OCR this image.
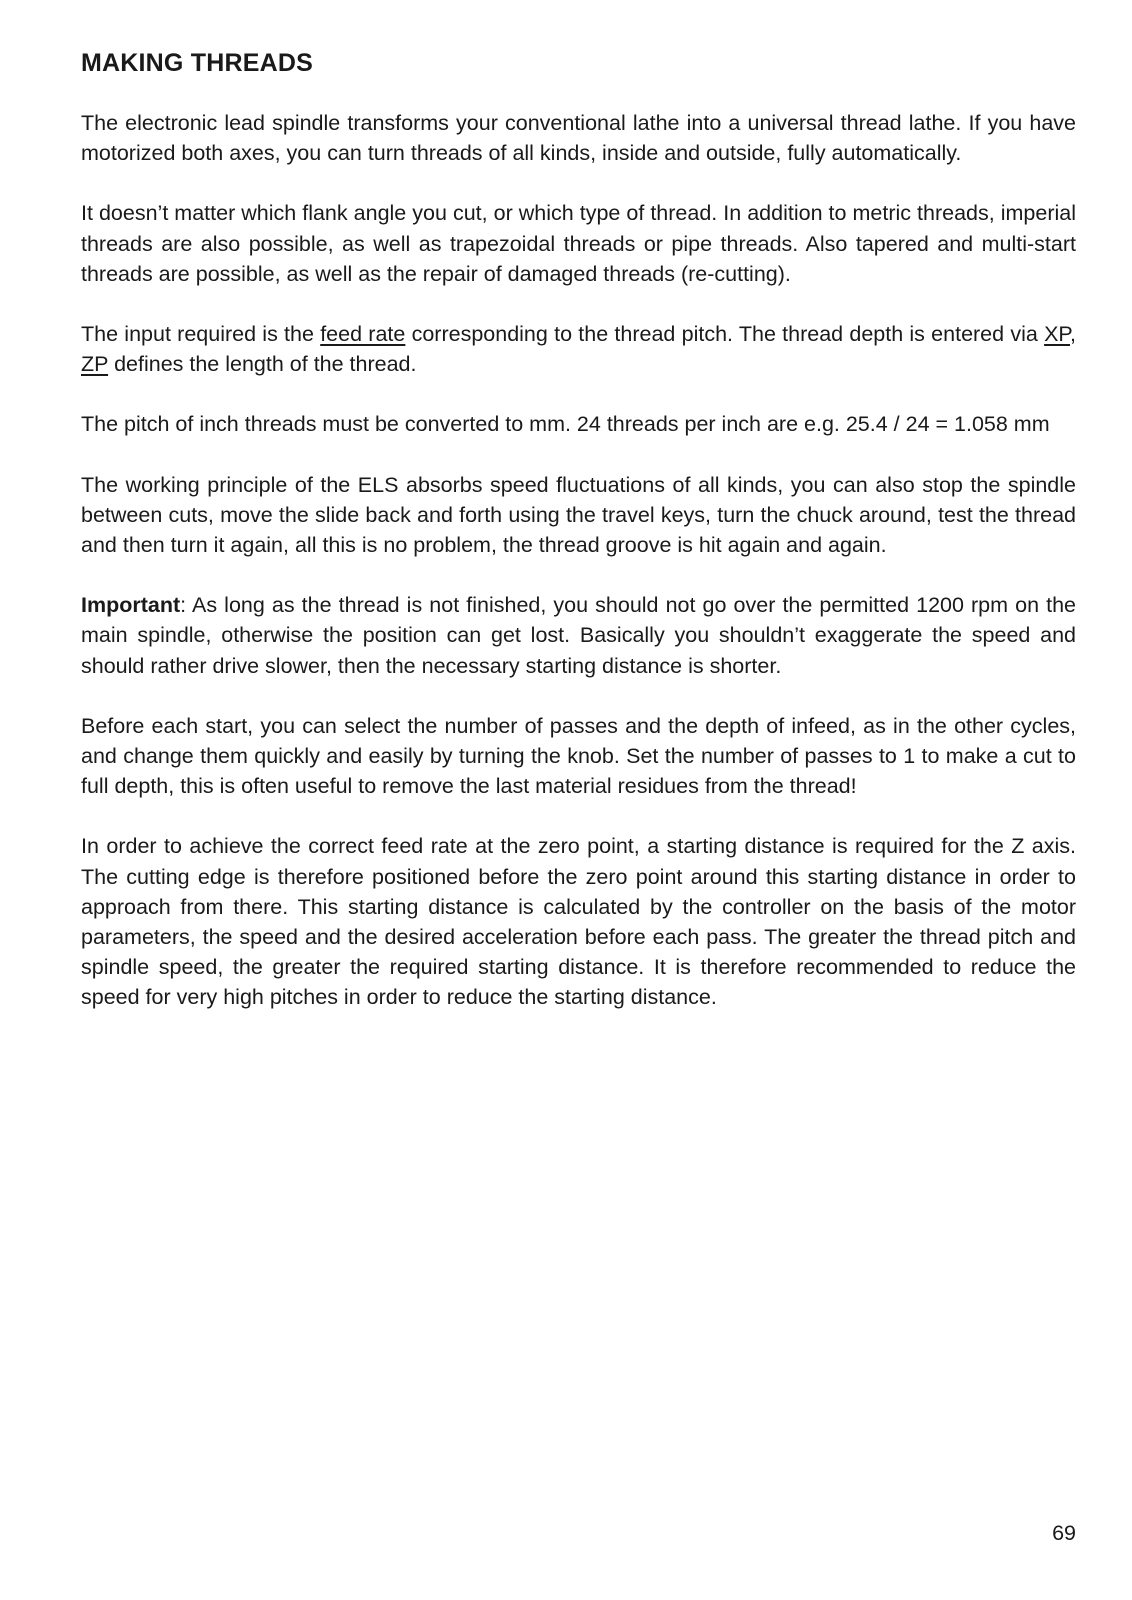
MAKING THREADS

The electronic lead spindle transforms your conventional lathe into a universal thread lathe. If you have motorized both axes, you can turn threads of all kinds, inside and outside, fully automatically.

It doesn’t matter which flank angle you cut, or which type of thread. In addition to metric threads, imperial threads are also possible, as well as trapezoidal threads or pipe threads. Also tapered and multi-start threads are possible, as well as the repair of damaged threads (re-cutting).

The input required is the feed rate corresponding to the thread pitch. The thread depth is entered via XP, ZP defines the length of the thread.

The pitch of inch threads must be converted to mm. 24 threads per inch are e.g. 25.4 / 24 = 1.058 mm

The working principle of the ELS absorbs speed fluctuations of all kinds, you can also stop the spindle between cuts, move the slide back and forth using the travel keys, turn the chuck around, test the thread and then turn it again, all this is no problem, the thread groove is hit again and again.

Important: As long as the thread is not finished, you should not go over the permitted 1200 rpm on the main spindle, otherwise the position can get lost. Basically you shouldn’t exaggerate the speed and should rather drive slower, then the necessary starting distance is shorter.

Before each start, you can select the number of passes and the depth of infeed, as in the other cycles, and change them quickly and easily by turning the knob. Set the number of passes to 1 to make a cut to full depth, this is often useful to remove the last material residues from the thread!

In order to achieve the correct feed rate at the zero point, a starting distance is required for the Z axis. The cutting edge is therefore positioned before the zero point around this starting distance in order to approach from there. This starting distance is calculated by the controller on the basis of the motor parameters, the speed and the desired acceleration before each pass. The greater the thread pitch and spindle speed, the greater the required starting distance. It is therefore recommended to reduce the speed for very high pitches in order to reduce the starting distance.

69
